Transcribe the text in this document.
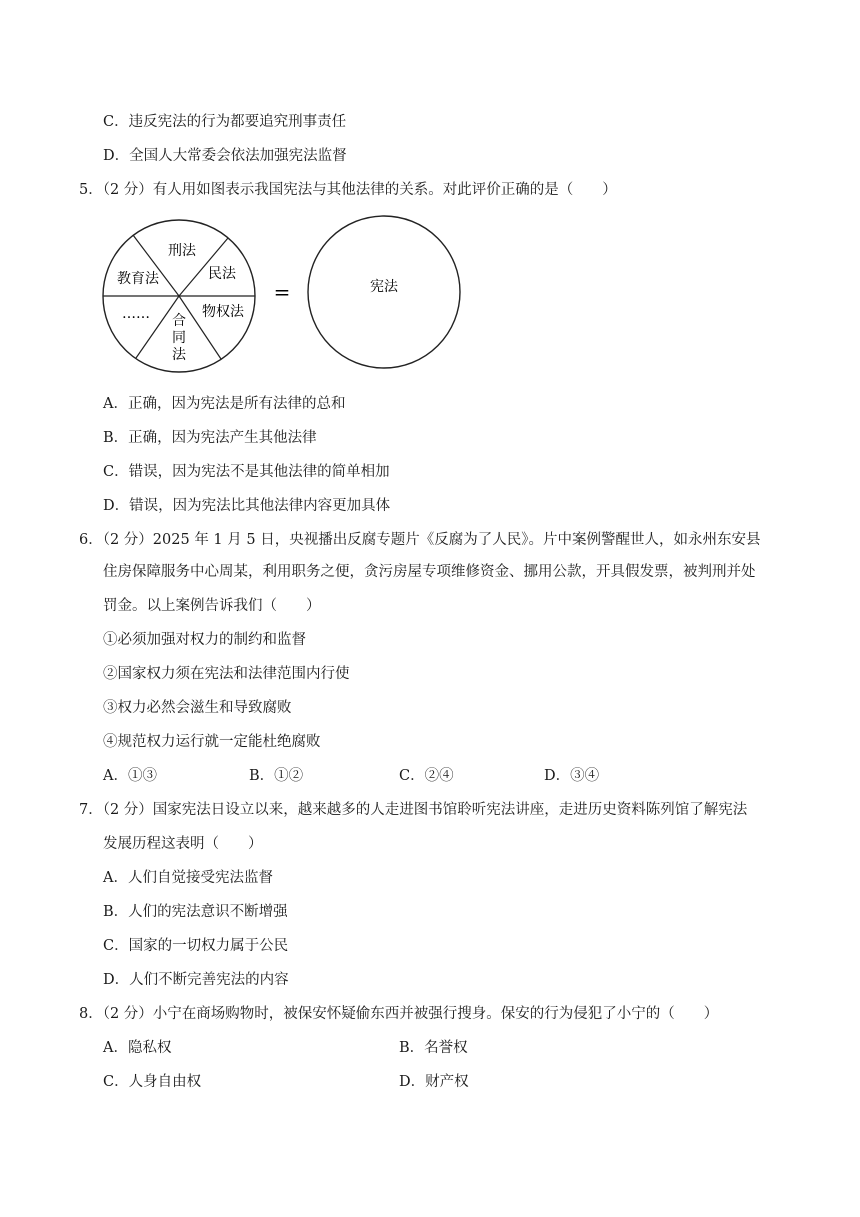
C．违反宪法的行为都要追究刑事责任
D．全国人大常委会依法加强宪法监督
5．（2 分）有人用如图表示我国宪法与其他法律的关系。对此评价正确的是（　　）
刑法
民法
物权法
合
同
法
……
教育法
=	宪法
A．正确，因为宪法是所有法律的总和
B．正确，因为宪法产生其他法律
C．错误，因为宪法不是其他法律的简单相加
D．错误，因为宪法比其他法律内容更加具体
6．（2 分）2025 年 1 月 5 日，央视播出反腐专题片《反腐为了人民》。片中案例警醒世人，如永州东安县
住房保障服务中心周某，利用职务之便，贪污房屋专项维修资金、挪用公款，开具假发票，被判刑并处
罚金。以上案例告诉我们（　　）
①必须加强对权力的制约和监督
②国家权力须在宪法和法律范围内行使
③权力必然会滋生和导致腐败
④规范权力运行就一定能杜绝腐败
A．①③	B．①②	C．②④	D．③④
7．（2 分）国家宪法日设立以来，越来越多的人走进图书馆聆听宪法讲座，走进历史资料陈列馆了解宪法
发展历程这表明（　　）
A．人们自觉接受宪法监督
B．人们的宪法意识不断增强
C．国家的一切权力属于公民
D．人们不断完善宪法的内容
8．（2 分）小宁在商场购物时，被保安怀疑偷东西并被强行搜身。保安的行为侵犯了小宁的（　　）
A．隐私权	B．名誉权
C．人身自由权	D．财产权
